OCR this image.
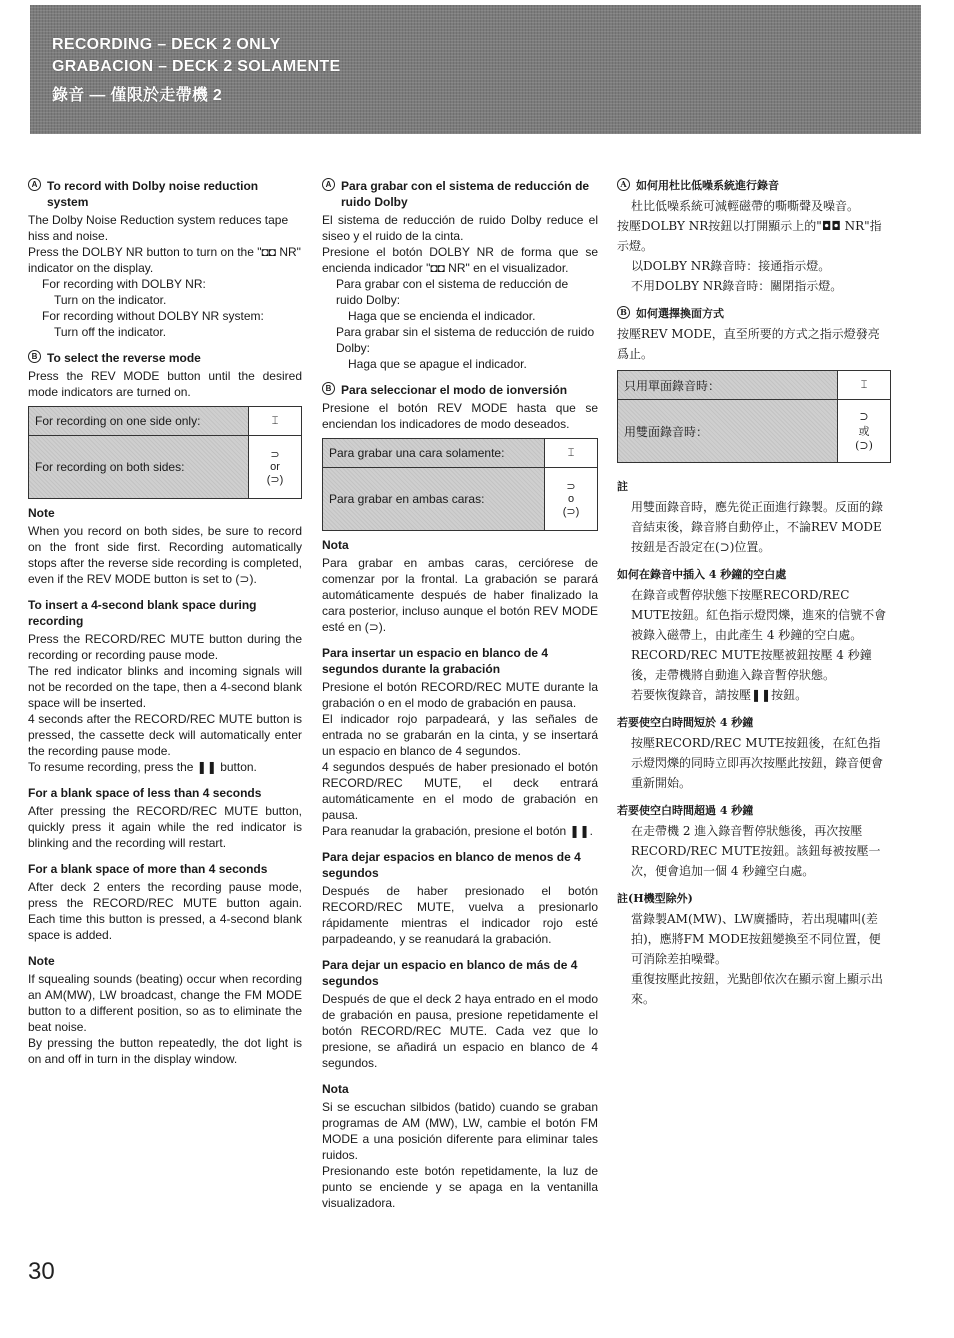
RECORDING – DECK 2 ONLY
GRABACION – DECK 2 SOLAMENTE
錄音 — 僅限於走帶機 2
A To record with Dolby noise reduction system

The Dolby Noise Reduction system reduces tape hiss and noise.

Press the DOLBY NR button to turn on the "◘◘ NR" indicator on the display.

For recording with DOLBY NR:

Turn on the indicator.

For recording without DOLBY NR system:

Turn off the indicator.

B To select the reverse mode

Press the REV MODE button until the desired mode indicators are turned on.

For recording on one side only:
For recording on both sides:
⌶
⊃
or
(⊃)
Note

When you record on both sides, be sure to record on the front side first. Recording automatically stops after the reverse side recording is completed, even if the REV MODE button is set to (⊃).

To insert a 4-second blank space during recording

Press the RECORD/REC MUTE button during the recording or recording pause mode.

The red indicator blinks and incoming signals will not be recorded on the tape, then a 4-second blank space will be inserted.

4 seconds after the RECORD/REC MUTE button is pressed, the cassette deck will automatically enter the recording pause mode.

To resume recording, press the ❚❚ button.

For a blank space of less than 4 seconds

After pressing the RECORD/REC MUTE button, quickly press it again while the red indicator is blinking and the recording will restart.

For a blank space of more than 4 seconds

After deck 2 enters the recording pause mode, press the RECORD/REC MUTE button again. Each time this button is pressed, a 4-second blank space is added.

Note

If squealing sounds (beating) occur when recording an AM(MW), LW broadcast, change the FM MODE button to a different position, so as to eliminate the beat noise.

By pressing the button repeatedly, the dot light is on and off in turn in the display window.

A Para grabar con el sistema de reducción de ruido Dolby

El sistema de reducción de ruido Dolby reduce el siseo y el ruido de la cinta.

Presione el botón DOLBY NR de forma que se encienda indicador "◘◘ NR" en el visualizador.

Para grabar con el sistema de reducción de ruido Dolby:

Haga que se encienda el indicador.

Para grabar sin el sistema de reducción de ruido Dolby:

Haga que se apague el indicador.

B Para seleccionar el modo de ionversión

Presione el botón REV MODE hasta que se enciendan los indicadores de modo deseados.

Para grabar una cara solamente:
Para grabar en ambas caras:
⌶
⊃
o
(⊃)
Nota

Para grabar en ambas caras, cerciórese de comenzar por la frontal. La grabación se parará automáticamente después de haber finalizado la cara posterior, incluso aunque el botón REV MODE esté en (⊃).

Para insertar un espacio en blanco de 4 segundos durante la grabación

Presione el botón RECORD/REC MUTE durante la grabación o en el modo de grabación en pausa.

El indicador rojo parpadeará, y las señales de entrada no se grabarán en la cinta, y se insertará un espacio en blanco de 4 segundos.

4 segundos después de haber presionado el botón RECORD/REC MUTE, el deck entrará automáticamente en el modo de grabación en pausa.

Para reanudar la grabación, presione el botón ❚❚.

Para dejar espacios en blanco de menos de 4 segundos

Después de haber presionado el botón RECORD/REC MUTE, vuelva a presionarlo rápidamente mientras el indicador rojo esté parpadeando, y se reanudará la grabación.

Para dejar un espacio en blanco de más de 4 segundos

Después de que el deck 2 haya entrado en el modo de grabación en pausa, presione repetidamente el botón RECORD/REC MUTE. Cada vez que lo presione, se añadirá un espacio en blanco de 4 segundos.

Nota

Si se escuchan silbidos (batido) cuando se graban programas de AM (MW), LW, cambie el botón FM MODE a una posición diferente para eliminar tales ruidos.

Presionando este botón repetidamente, la luz de punto se enciende y se apaga en la ventanilla visualizadora.

A 如何用杜比低噪系統進行錄音

杜比低噪系統可減輕磁帶的嘶嘶聲及噪音。

按壓DOLBY NR按鈕以打開顯示上的"◘◘ NR"指示燈。

以DOLBY NR錄音時：接通指示燈。

不用DOLBY NR錄音時：關閉指示燈。

B 如何選擇換面方式

按壓REV MODE，直至所要的方式之指示燈發亮爲止。

只用單面錄音時：
用雙面錄音時：
⌶
⊃
或
(⊃)
註

用雙面錄音時，應先從正面進行錄製。反面的錄音結束後，錄音將自動停止，不論REV MODE按鈕是否設定在(⊃)位置。

如何在錄音中插入 4 秒鐘的空白處

在錄音或暫停狀態下按壓RECORD/REC MUTE按鈕。紅色指示燈閃爍，進來的信號不會被錄入磁帶上，由此產生 4 秒鐘的空白處。

RECORD/REC MUTE按壓被鈕按壓 4 秒鐘後，走帶機將自動進入錄音暫停狀態。

若要恢復錄音，請按壓❚❚按鈕。

若要使空白時間短於 4 秒鐘

按壓RECORD/REC MUTE按鈕後，在紅色指示燈閃爍的同時立即再次按壓此按鈕，錄音便會重新開始。

若要使空白時間超過 4 秒鐘

在走帶機 2 進入錄音暫停狀態後，再次按壓RECORD/REC MUTE按鈕。該鈕每被按壓一次，便會追加一個 4 秒鐘空白處。

註(H機型除外)

當錄製AM(MW)、LW廣播時，若出現嘯叫(差拍)，應將FM MODE按鈕變換至不同位置，便可消除差拍噪聲。

重復按壓此按鈕，光點卽依次在顯示窗上顯示出來。

30
